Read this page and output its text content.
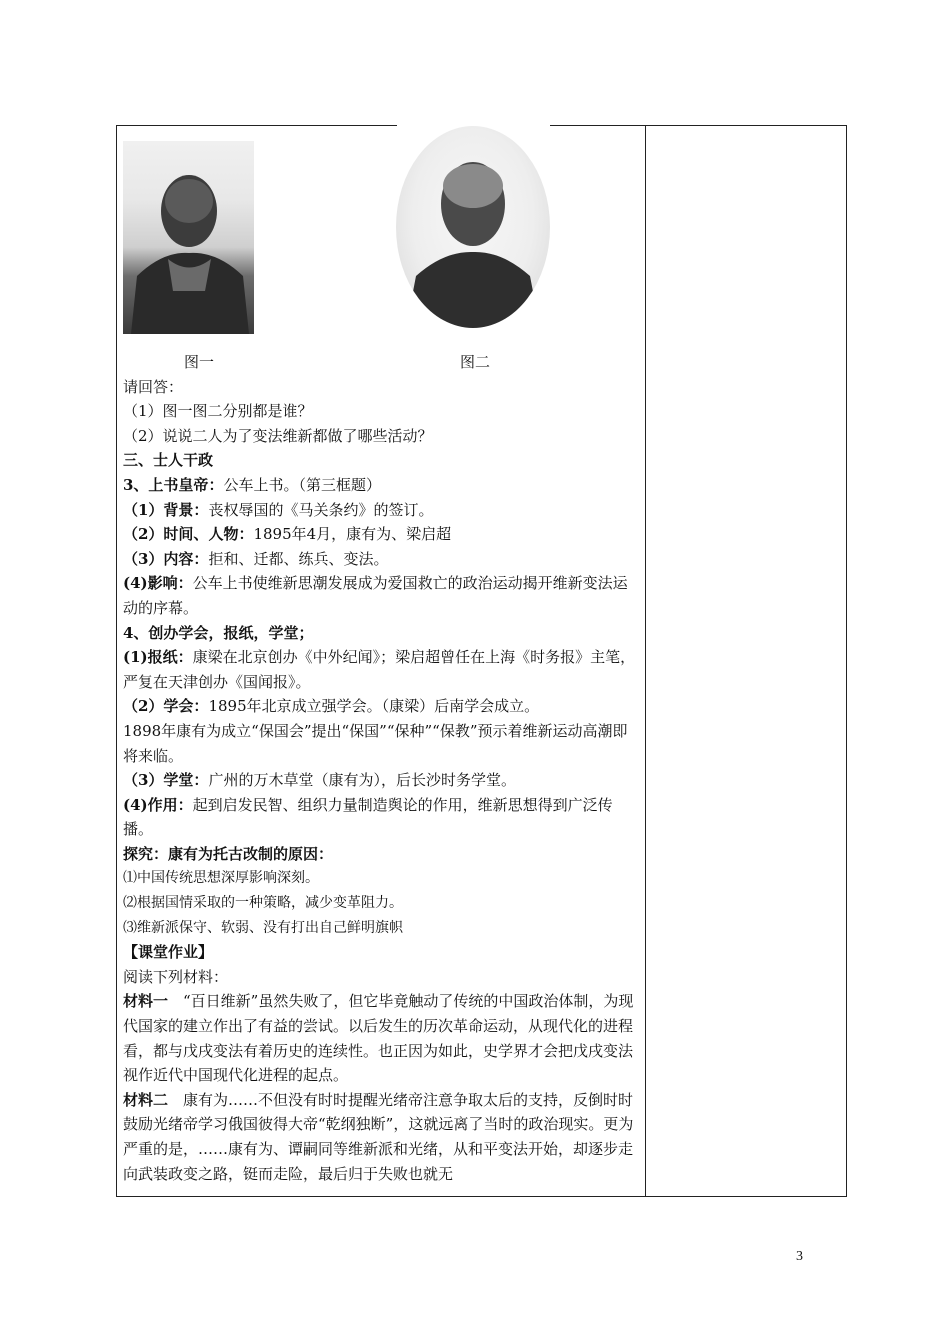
图一	图二

请回答：

（1）图一图二分别都是谁？

（2）说说二人为了变法维新都做了哪些活动？

三、士人干政

3、上书皇帝：公车上书。（第三框题）

（1）背景：丧权辱国的《马关条约》的签订。

（2）时间、人物：1895年4月，康有为、梁启超

（3）内容：拒和、迁都、练兵、变法。

(4)影响：公车上书使维新思潮发展成为爱国救亡的政治运动揭开维新变法运动的序幕。

4、创办学会，报纸，学堂；

(1)报纸：康梁在北京创办《中外纪闻》；梁启超曾任在上海《时务报》主笔，严复在天津创办《国闻报》。

（2）学会：1895年北京成立强学会。（康梁）后南学会成立。

1898年康有为成立“保国会”提出“保国”“保种”“保教”预示着维新运动高潮即将来临。

（3）学堂：广州的万木草堂（康有为），后长沙时务学堂。

(4)作用：起到启发民智、组织力量制造舆论的作用，维新思想得到广泛传播。

探究：康有为托古改制的原因：

⑴中国传统思想深厚影响深刻。

⑵根据国情采取的一种策略，减少变革阻力。

⑶维新派保守、软弱、没有打出自己鲜明旗帜

【课堂作业】

阅读下列材料：

材料一  “百日维新”虽然失败了，但它毕竟触动了传统的中国政治体制，为现代国家的建立作出了有益的尝试。以后发生的历次革命运动，从现代化的进程看，都与戊戌变法有着历史的连续性。也正因为如此，史学界才会把戊戌变法视作近代中国现代化进程的起点。

材料二  康有为……不但没有时时提醒光绪帝注意争取太后的支持，反倒时时鼓励光绪帝学习俄国彼得大帝“乾纲独断”，这就远离了当时的政治现实。更为严重的是，……康有为、谭嗣同等维新派和光绪，从和平变法开始，却逐步走向武装政变之路，铤而走险，最后归于失败也就无

3
